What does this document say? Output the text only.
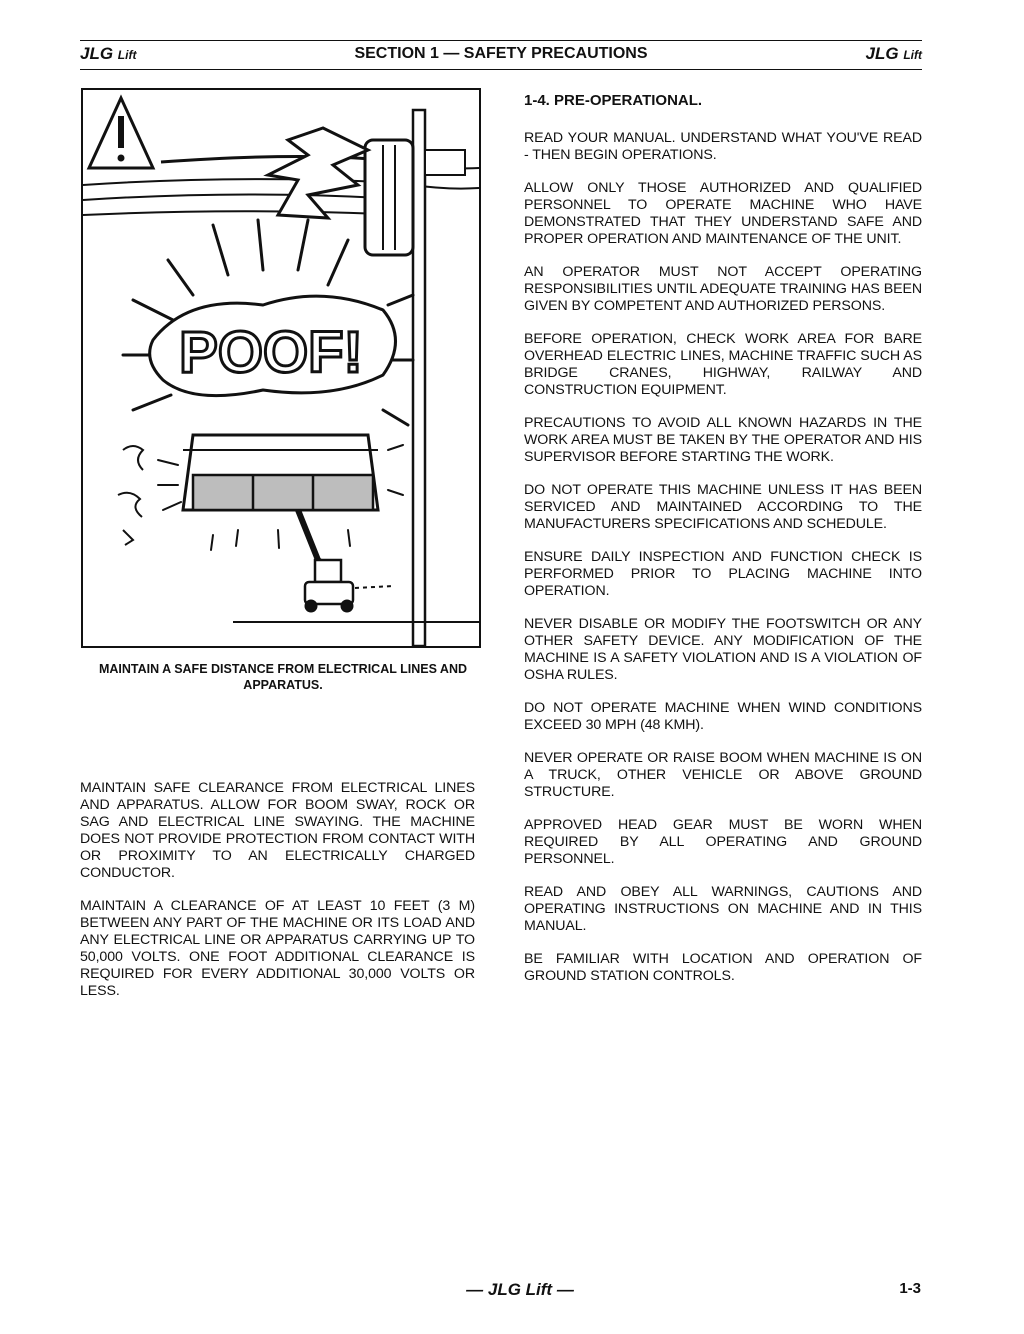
JLG Lift	SECTION 1 — SAFETY PRECAUTIONS	JLG Lift
POOF!
MAINTAIN A SAFE DISTANCE FROM ELECTRICAL LINES AND APPARATUS.

MAINTAIN SAFE CLEARANCE FROM ELECTRICAL LINES AND APPARATUS. ALLOW FOR BOOM SWAY, ROCK OR SAG AND ELECTRICAL LINE SWAYING. THE MACHINE DOES NOT PROVIDE PROTECTION FROM CONTACT WITH OR PROXIMITY TO AN ELECTRICALLY CHARGED CONDUCTOR.

MAINTAIN A CLEARANCE OF AT LEAST 10 FEET (3 M) BETWEEN ANY PART OF THE MACHINE OR ITS LOAD AND ANY ELECTRICAL LINE OR APPARATUS CARRYING UP TO 50,000 VOLTS. ONE FOOT ADDITIONAL CLEARANCE IS REQUIRED FOR EVERY ADDITIONAL 30,000 VOLTS OR LESS.

1-4. PRE-OPERATIONAL.

READ YOUR MANUAL. UNDERSTAND WHAT YOU'VE READ - THEN BEGIN OPERATIONS.

ALLOW ONLY THOSE AUTHORIZED AND QUALIFIED PERSONNEL TO OPERATE MACHINE WHO HAVE DEMONSTRATED THAT THEY UNDERSTAND SAFE AND PROPER OPERATION AND MAINTENANCE OF THE UNIT.

AN OPERATOR MUST NOT ACCEPT OPERATING RESPONSIBILITIES UNTIL ADEQUATE TRAINING HAS BEEN GIVEN BY COMPETENT AND AUTHORIZED PERSONS.

BEFORE OPERATION, CHECK WORK AREA FOR BARE OVERHEAD ELECTRIC LINES, MACHINE TRAFFIC SUCH AS BRIDGE CRANES, HIGHWAY, RAILWAY AND CONSTRUCTION EQUIPMENT.

PRECAUTIONS TO AVOID ALL KNOWN HAZARDS IN THE WORK AREA MUST BE TAKEN BY THE OPERATOR AND HIS SUPERVISOR BEFORE STARTING THE WORK.

DO NOT OPERATE THIS MACHINE UNLESS IT HAS BEEN SERVICED AND MAINTAINED ACCORDING TO THE MANUFACTURERS SPECIFICATIONS AND SCHEDULE.

ENSURE DAILY INSPECTION AND FUNCTION CHECK IS PERFORMED PRIOR TO PLACING MACHINE INTO OPERATION.

NEVER DISABLE OR MODIFY THE FOOTSWITCH OR ANY OTHER SAFETY DEVICE. ANY MODIFICATION OF THE MACHINE IS A SAFETY VIOLATION AND IS A VIOLATION OF OSHA RULES.

DO NOT OPERATE MACHINE WHEN WIND CONDITIONS EXCEED 30 MPH (48 KMH).

NEVER OPERATE OR RAISE BOOM WHEN MACHINE IS ON A TRUCK, OTHER VEHICLE OR ABOVE GROUND STRUCTURE.

APPROVED HEAD GEAR MUST BE WORN WHEN REQUIRED BY ALL OPERATING AND GROUND PERSONNEL.

READ AND OBEY ALL WARNINGS, CAUTIONS AND OPERATING INSTRUCTIONS ON MACHINE AND IN THIS MANUAL.

BE FAMILIAR WITH LOCATION AND OPERATION OF GROUND STATION CONTROLS.

— JLG Lift —	1-3
